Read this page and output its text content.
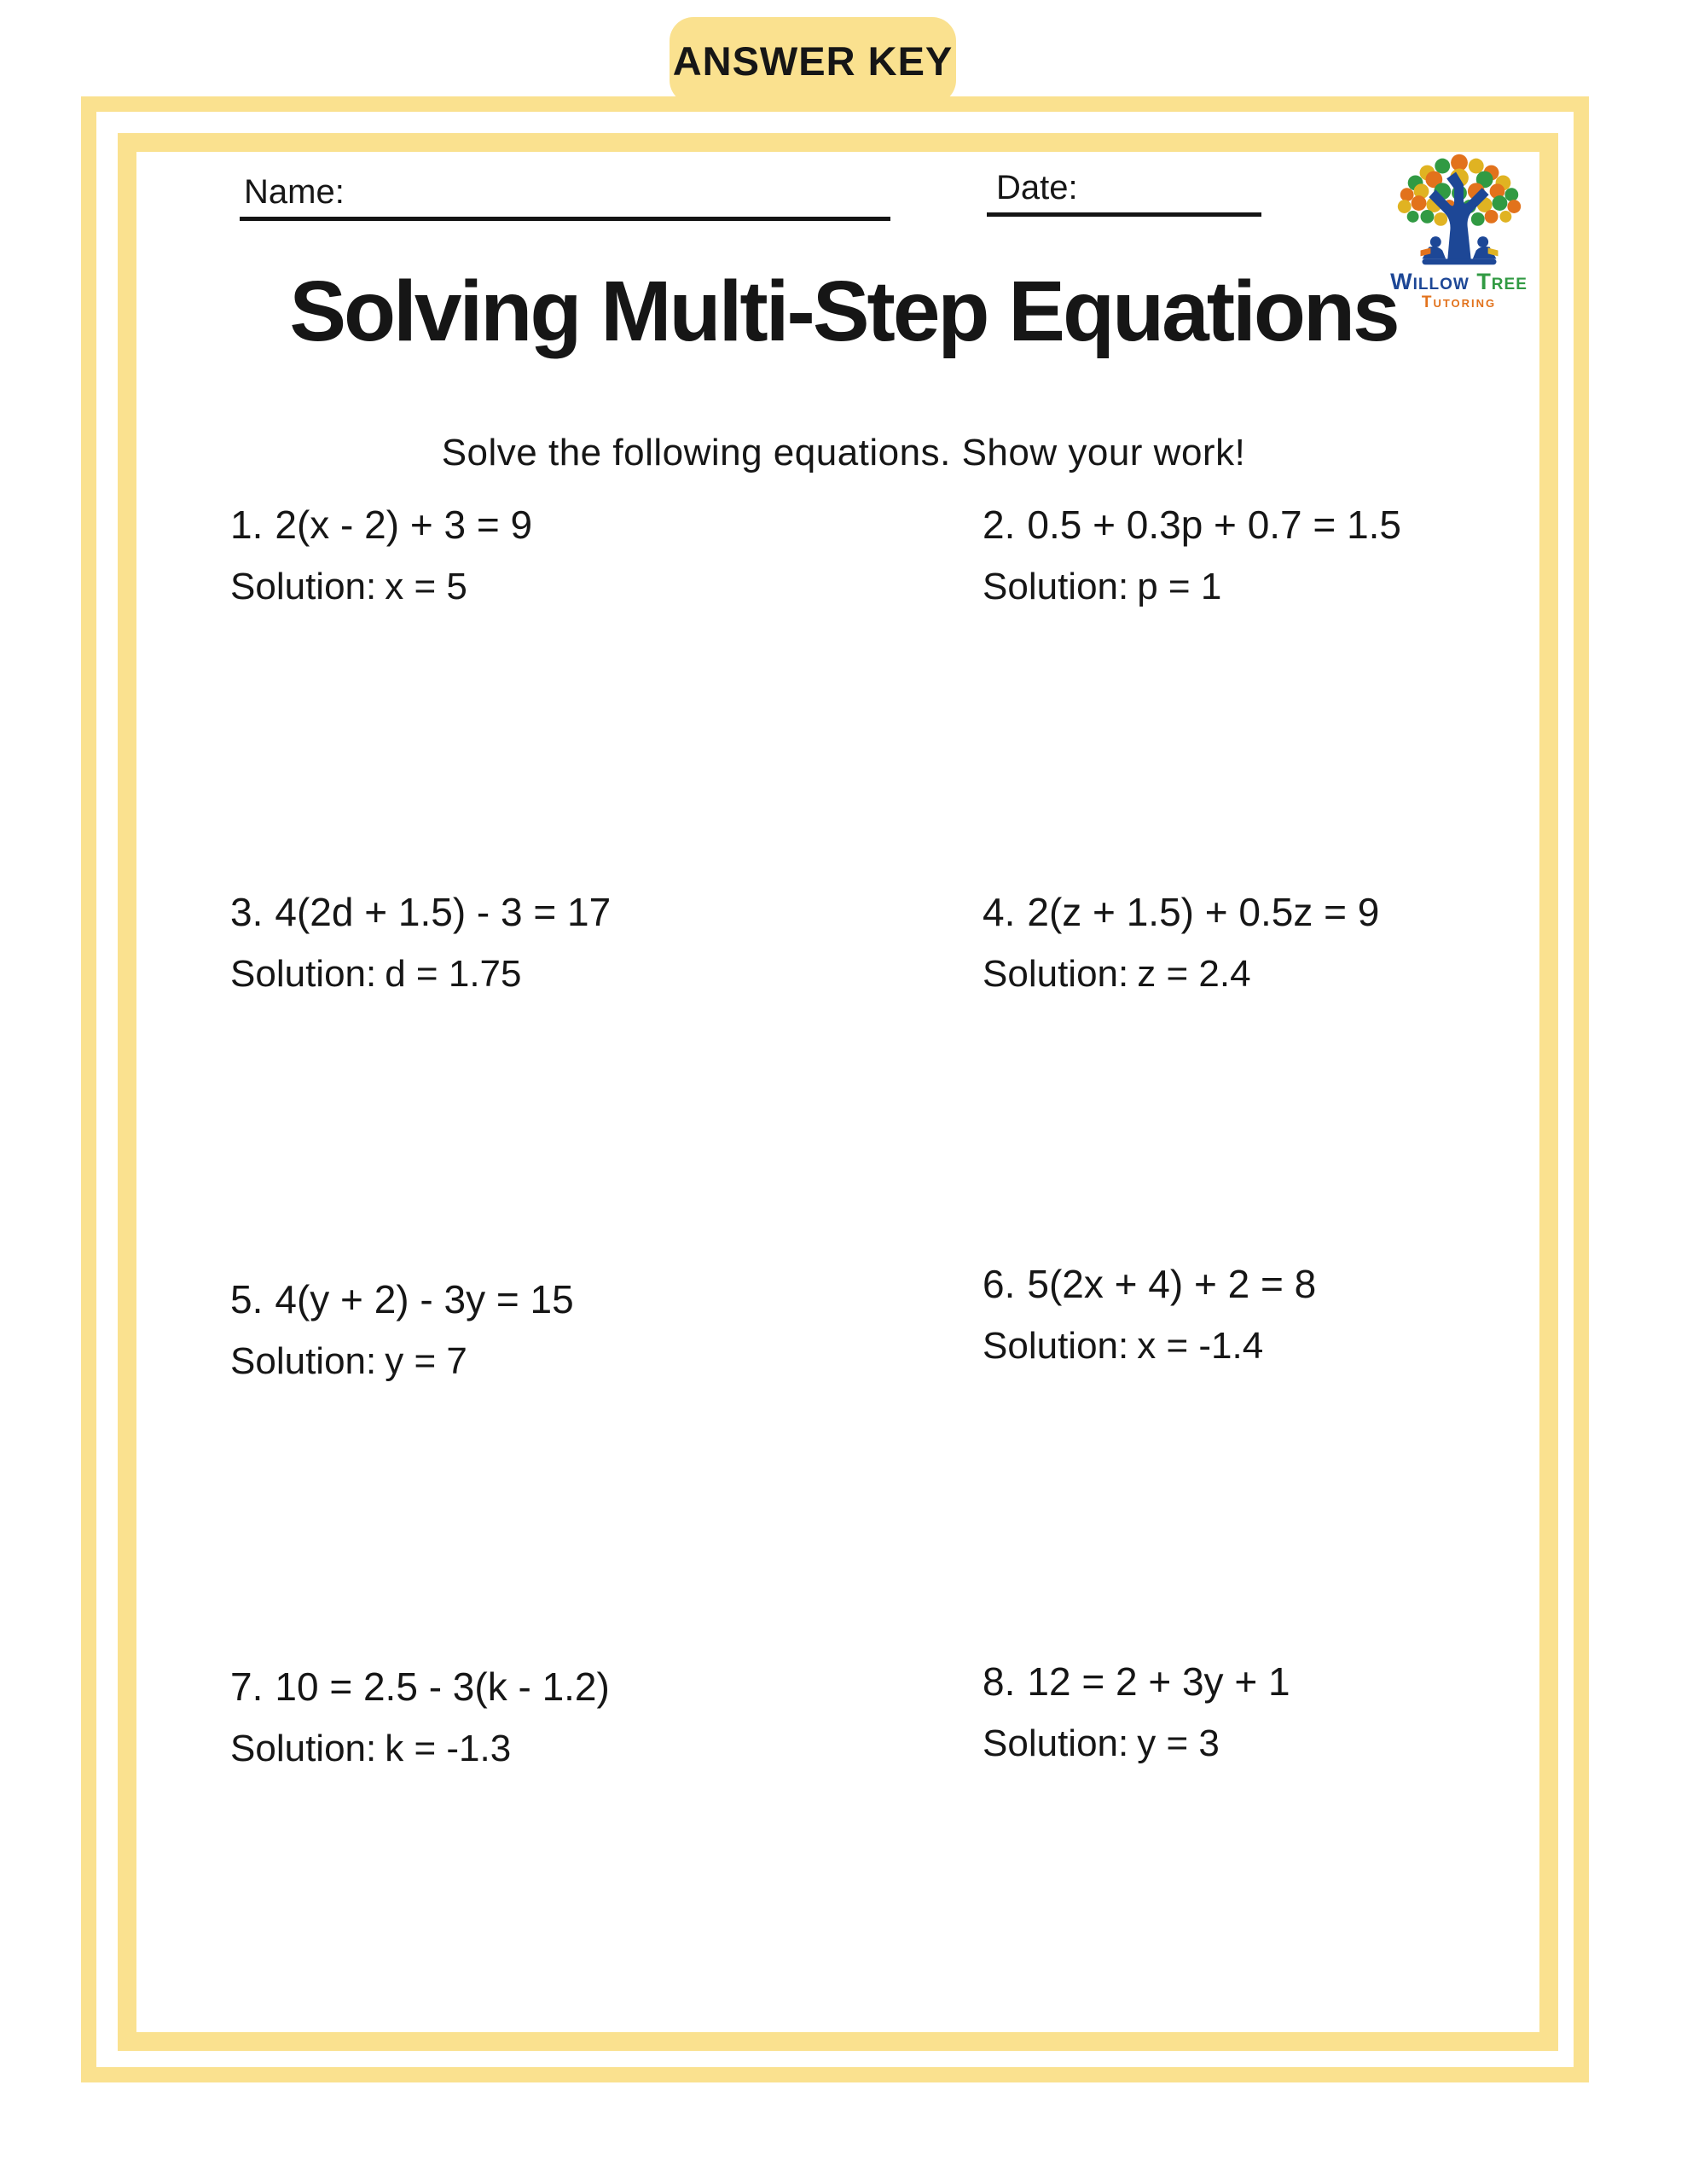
ANSWER KEY
Name:	Date:
Willow Tree
Tutoring
Solving Multi-Step Equations
Solve the following equations. Show your work!
1. 2(x - 2) + 3 = 9
Solution: x = 5
2. 0.5 + 0.3p + 0.7 = 1.5
Solution: p = 1
3. 4(2d + 1.5) - 3 = 17
Solution: d = 1.75
4. 2(z + 1.5) + 0.5z = 9
Solution: z = 2.4
5. 4(y + 2) - 3y = 15
Solution: y = 7
6. 5(2x + 4) + 2 = 8
Solution: x = -1.4
7. 10 = 2.5 - 3(k - 1.2)
Solution: k = -1.3
8. 12 = 2 + 3y + 1
Solution: y = 3
